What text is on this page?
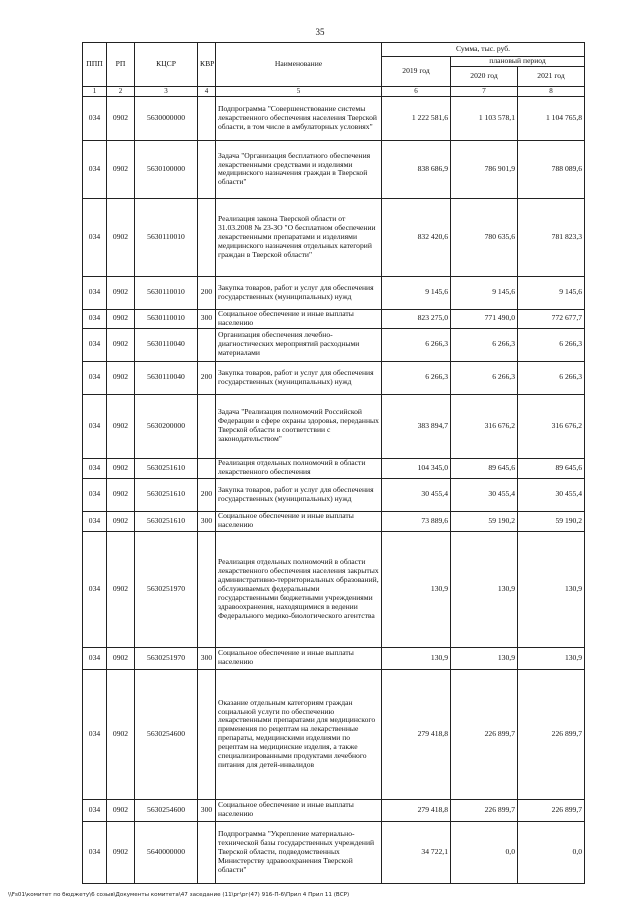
35
ППП	РП	КЦСР	КВР	Наименование	Сумма, тыс. руб.		
					2019 год	плановый период	
						2020 год	2021 год
1	2	3	4	5	6	7	8
034	0902	5630000000		Подпрограмма "Совершенствование системы лекарственного обеспечения населения Тверской области, в том числе в амбулаторных условиях"	1 222 581,6	1 103 578,1	1 104 765,8
034	0902	5630100000		Задача "Организация бесплатного обеспечения лекарственными средствами и изделиями медицинского назначения граждан в Тверской области"	838 686,9	786 901,9	788 089,6
034	0902	5630110010		Реализация закона Тверской области от 31.03.2008 № 23-ЗО "О бесплатном обеспечении лекарственными препаратами и изделиями медицинского назначения отдельных категорий граждан в Тверской области"	832 420,6	780 635,6	781 823,3
034	0902	5630110010	200	Закупка товаров, работ и услуг для обеспечения государственных (муниципальных) нужд	9 145,6	9 145,6	9 145,6
034	0902	5630110010	300	Социальное обеспечение и иные выплаты населению	823 275,0	771 490,0	772 677,7
034	0902	5630110040		Организация обеспечения лечебно-диагностических мероприятий расходными материалами	6 266,3	6 266,3	6 266,3
034	0902	5630110040	200	Закупка товаров, работ и услуг для обеспечения государственных (муниципальных) нужд	6 266,3	6 266,3	6 266,3
034	0902	5630200000		Задача "Реализация полномочий Российской Федерации в сфере охраны здоровья, переданных Тверской области в соответствии с законодательством"	383 894,7	316 676,2	316 676,2
034	0902	5630251610		Реализация отдельных полномочий в области лекарственного обеспечения	104 345,0	89 645,6	89 645,6
034	0902	5630251610	200	Закупка товаров, работ и услуг для обеспечения государственных (муниципальных) нужд	30 455,4	30 455,4	30 455,4
034	0902	5630251610	300	Социальное обеспечение и иные выплаты населению	73 889,6	59 190,2	59 190,2
034	0902	5630251970		Реализация отдельных полномочий в области лекарственного обеспечения населения закрытых административно-территориальных образований, обслуживаемых федеральными государственными бюджетными учреждениями здравоохранения, находящимися в ведении Федерального медико-биологического агентства	130,9	130,9	130,9
034	0902	5630251970	300	Социальное обеспечение и иные выплаты населению	130,9	130,9	130,9
034	0902	5630254600		Оказание отдельным категориям граждан социальной услуги по обеспечению лекарственными препаратами для медицинского применения по рецептам на лекарственные препараты, медицинскими изделиями по рецептам на медицинские изделия, а также специализированными продуктами лечебного питания для детей-инвалидов	279 418,8	226 899,7	226 899,7
034	0902	5630254600	300	Социальное обеспечение и иные выплаты населению	279 418,8	226 899,7	226 899,7
034	0902	5640000000		Подпрограмма "Укрепление материально-технической базы государственных учреждений Тверской области, подведомственных Министерству здравоохранения Тверской области"	34 722,1	0,0	0,0
\\Fs01\комитет по бюджету\6 созыв\Документы комитета\47 заседание (11\рг\рг(47) 916-П-6\Прил 4 Прил 11 (ВСР)
